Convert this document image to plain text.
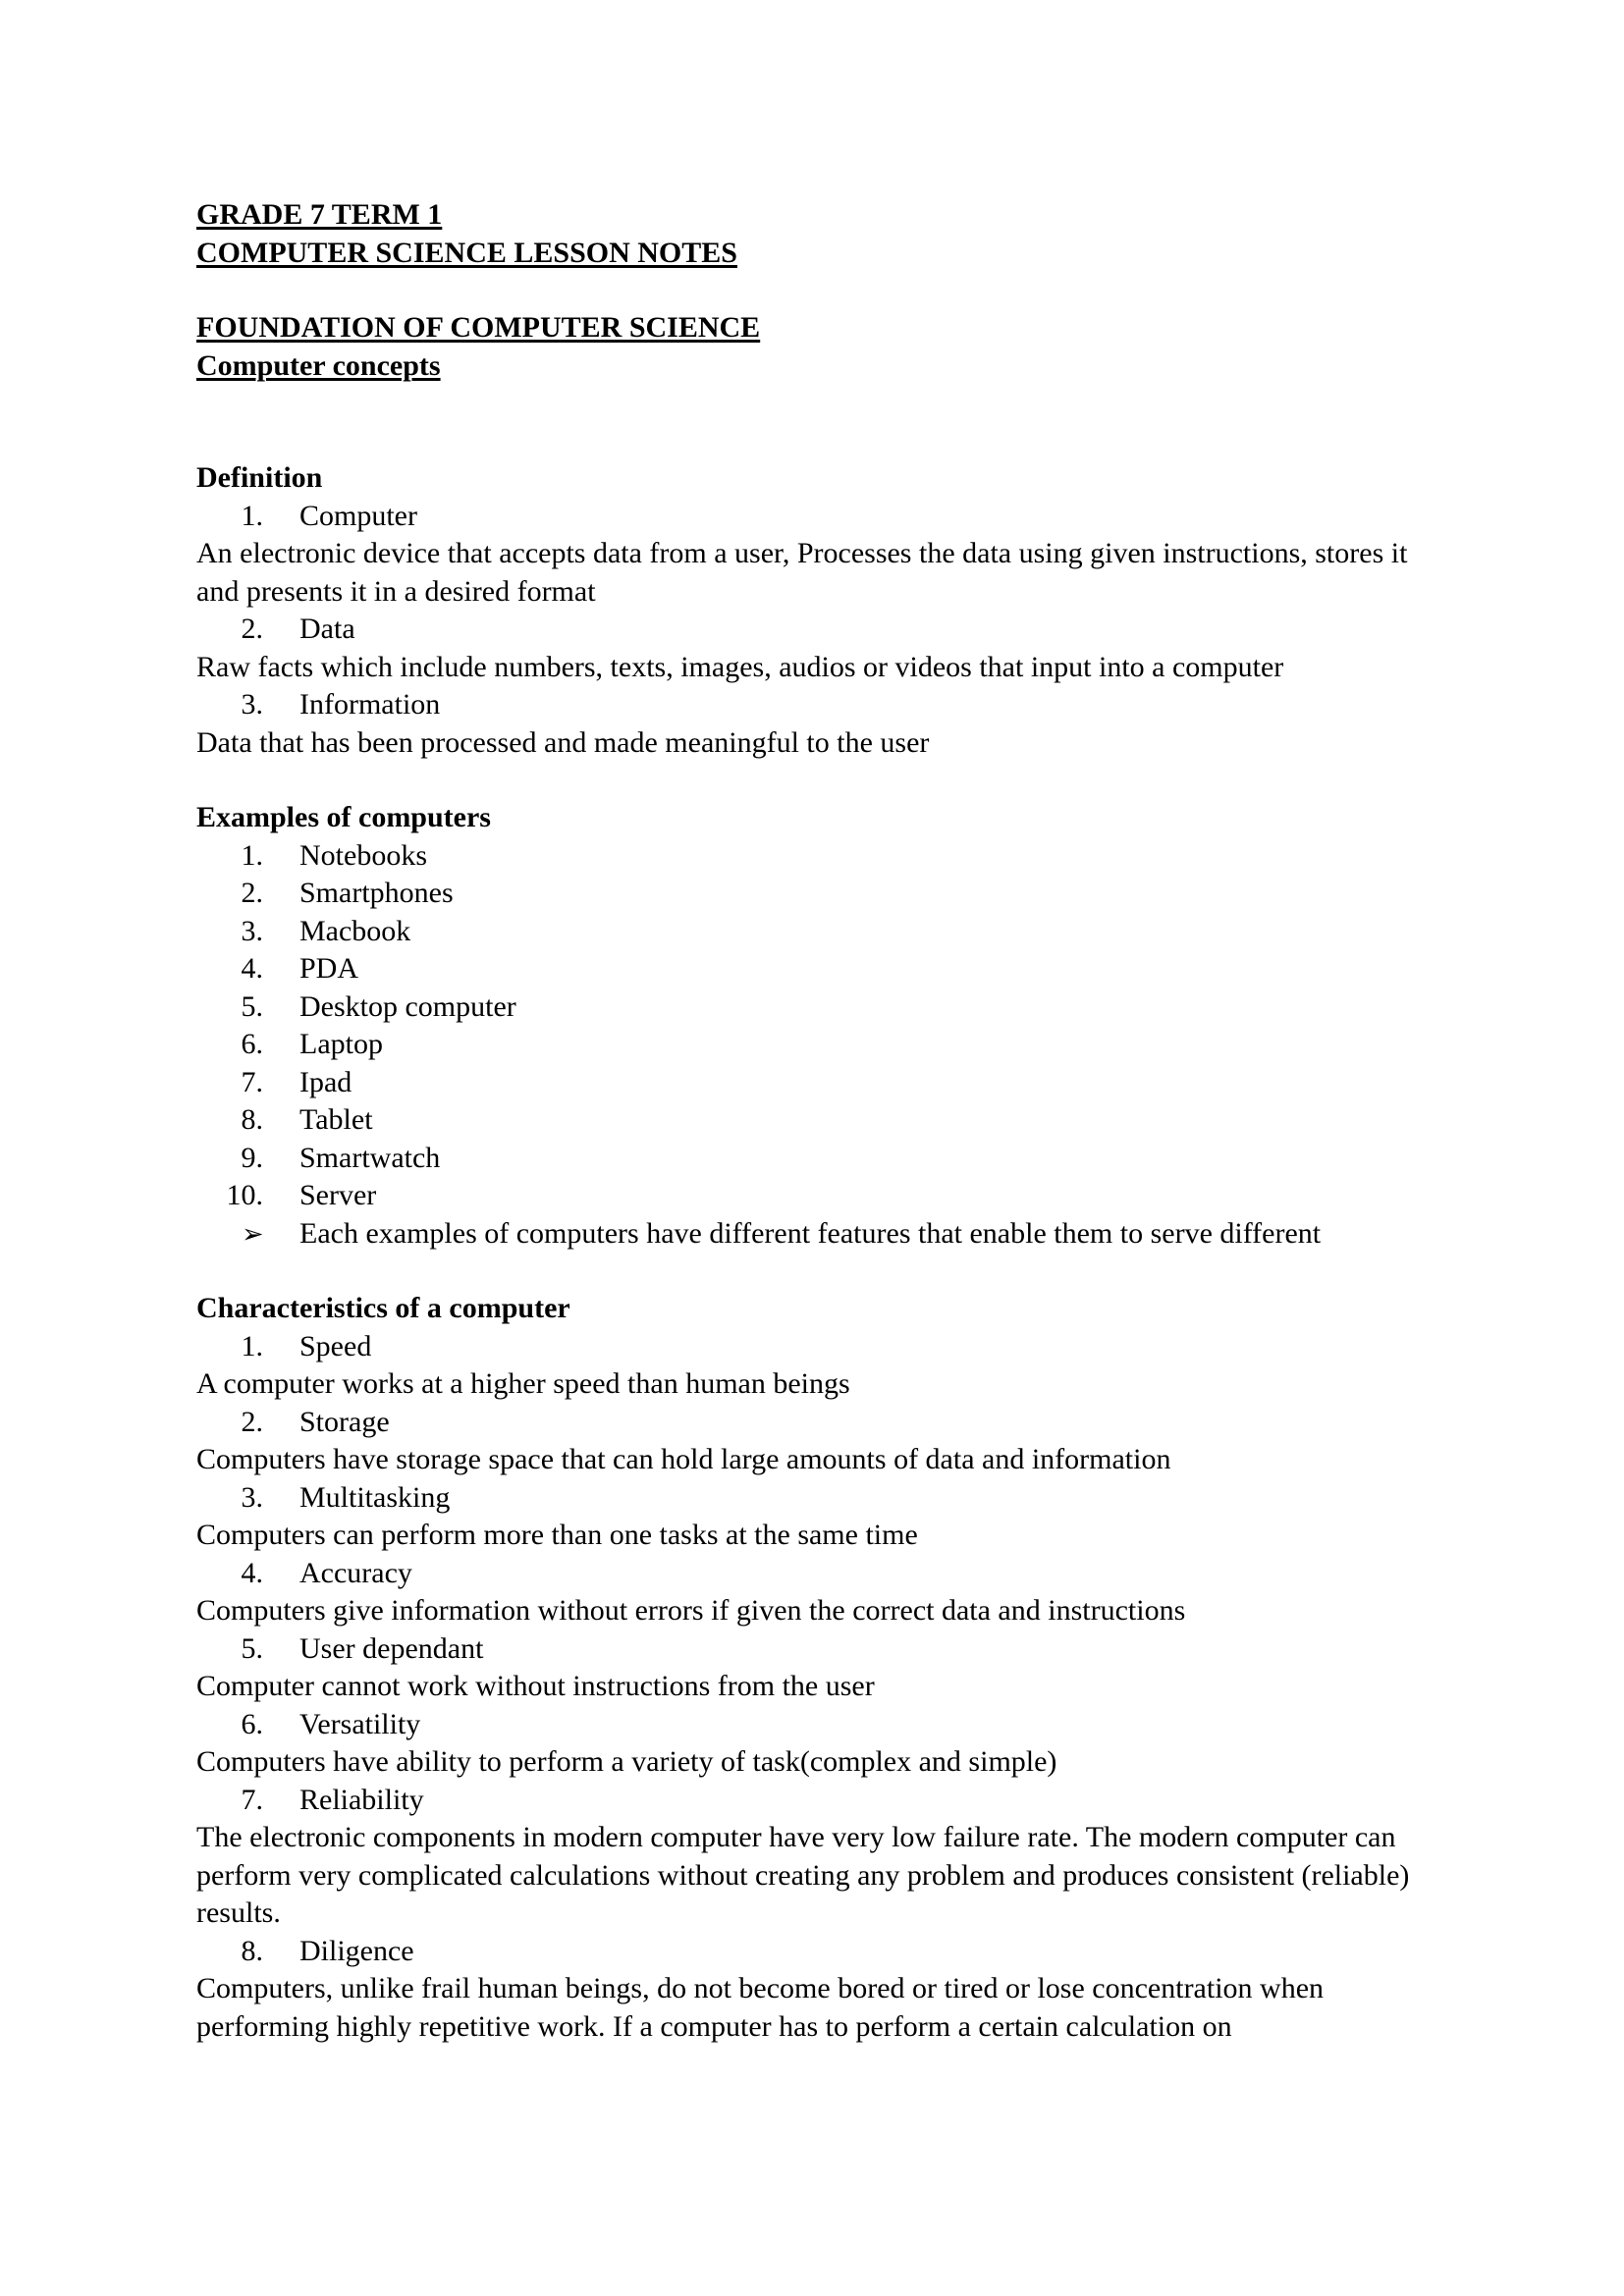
GRADE 7 TERM 1
COMPUTER SCIENCE LESSON NOTES
FOUNDATION OF COMPUTER SCIENCE
Computer concepts
Definition
1. Computer

An electronic device that accepts data from a user, Processes the data using given instructions, stores it and presents it in a desired format

2. Data

Raw facts which include numbers, texts, images, audios or videos that input into a computer

3. Information

Data that has been processed and made meaningful to the user

Examples of computers
1. Notebooks
2. Smartphones
3. Macbook
4. PDA
5. Desktop computer
6. Laptop
7. Ipad
8. Tablet
9. Smartwatch
10. Server
➢ Each examples of computers have different features that enable them to serve different
Characteristics of a computer
1. Speed

A computer works at a higher speed than human beings

2. Storage

Computers have storage space that can hold large amounts of data and information

3. Multitasking

Computers can perform more than one tasks at the same time

4. Accuracy

Computers give information without errors if given the correct data and instructions

5. User dependant

Computer cannot work without instructions from the user

6. Versatility

Computers have ability to perform a variety of task(complex and simple)

7. Reliability

The electronic components in modern computer have very low failure rate. The modern computer can perform very complicated calculations without creating any problem and produces consistent (reliable) results.

8. Diligence

Computers, unlike frail human beings, do not become bored or tired or lose concentration when performing highly repetitive work. If a computer has to perform a certain calculation on
